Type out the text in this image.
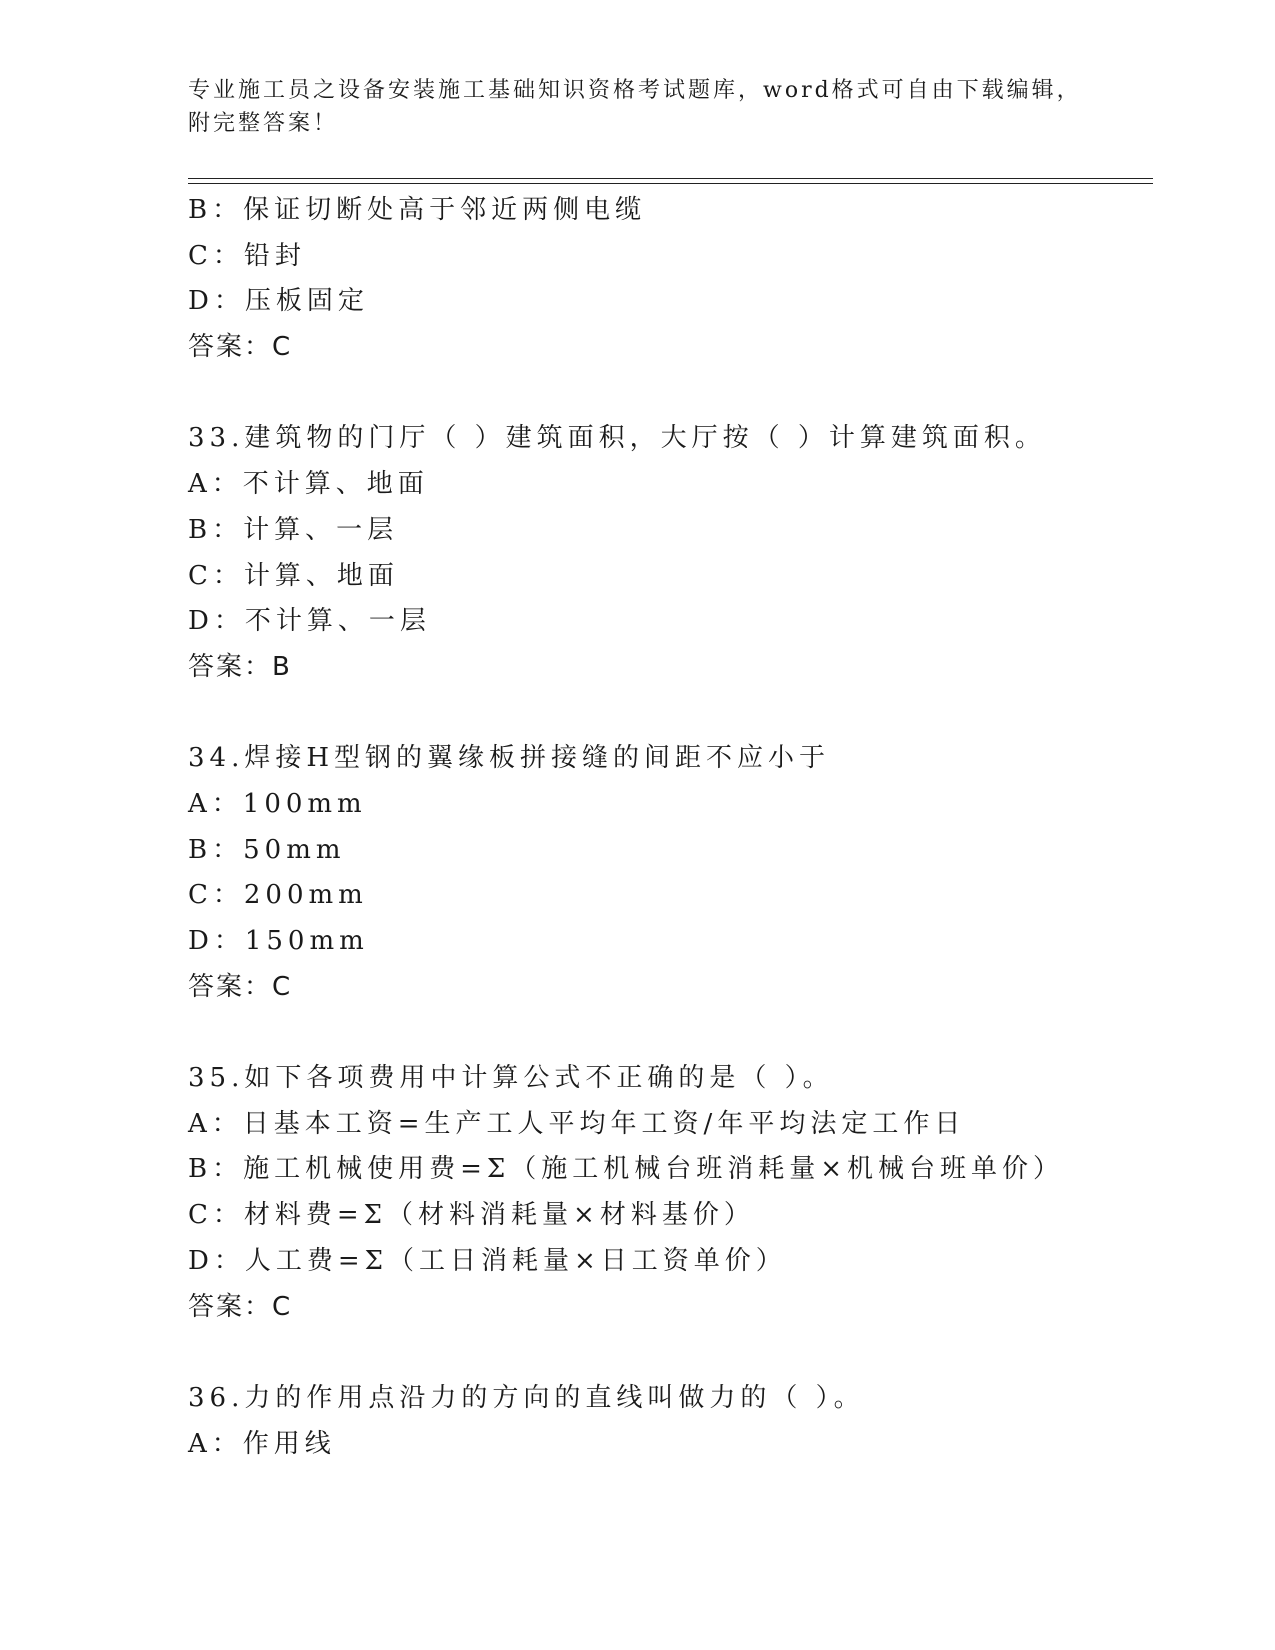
专业施工员之设备安装施工基础知识资格考试题库，word格式可自由下载编辑，
附完整答案！
B：保证切断处高于邻近两侧电缆
C：铅封
D：压板固定
答案：C
33.建筑物的门厅（ ）建筑面积，大厅按（ ）计算建筑面积。
A：不计算、地面
B：计算、一层
C：计算、地面
D：不计算、一层
答案：B
34.焊接H型钢的翼缘板拼接缝的间距不应小于
A：100mm
B：50mm
C：200mm
D：150mm
答案：C
35.如下各项费用中计算公式不正确的是（ ）。
A：日基本工资=生产工人平均年工资/年平均法定工作日
B：施工机械使用费=Σ（施工机械台班消耗量×机械台班单价）
C：材料费=Σ（材料消耗量×材料基价）
D：人工费=Σ（工日消耗量×日工资单价）
答案：C
36.力的作用点沿力的方向的直线叫做力的（ ）。
A：作用线
